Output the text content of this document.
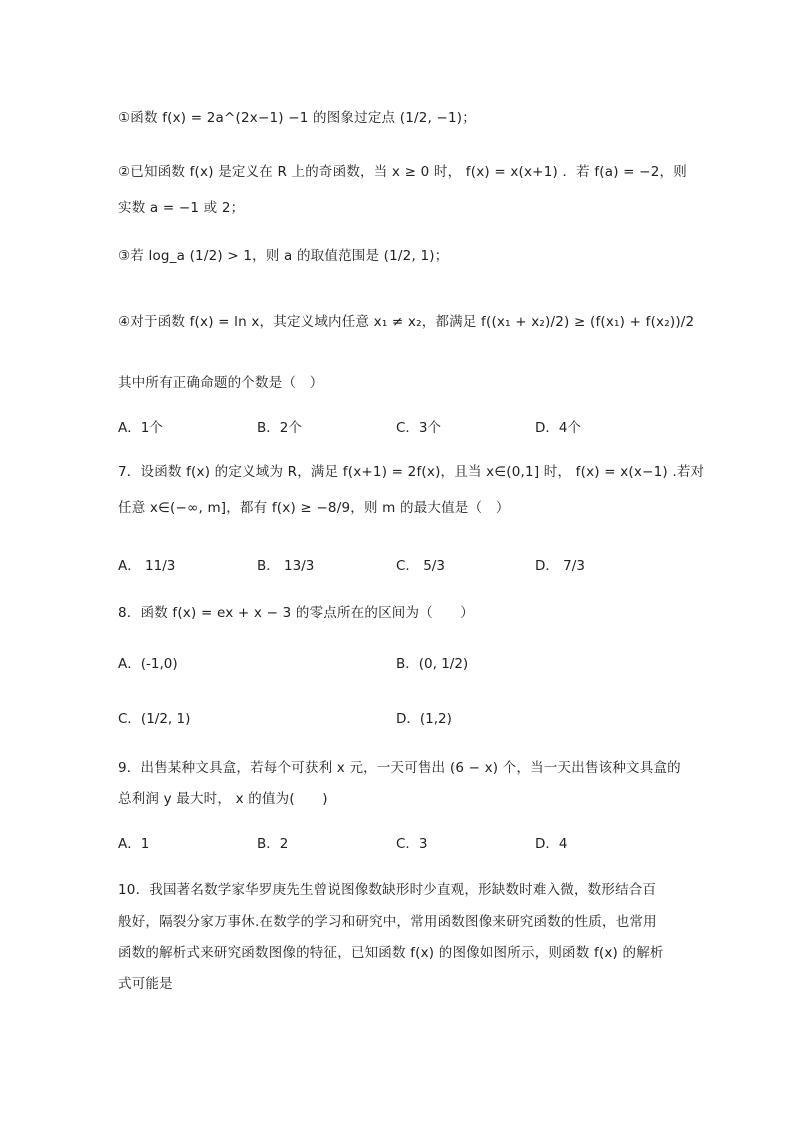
①函数 f(x) = 2a^(2x−1) −1 的图象过定点 (1/2, −1)；
②已知函数 f(x) 是定义在 R 上的奇函数，当 x ≥ 0 时， f(x) = x(x+1) ．若 f(a) = −2，则
实数 a = −1 或 2；
③若 log_a (1/2) > 1，则 a 的取值范围是 (1/2, 1)；
④对于函数 f(x) = ln x，其定义域内任意 x₁ ≠ x₂，都满足 f((x₁ + x₂)/2) ≥ (f(x₁) + f(x₂))/2
其中所有正确命题的个数是（　）
A．1个	B．2个	C．3个	D．4个
7．设函数 f(x) 的定义域为 R，满足 f(x+1) = 2f(x)，且当 x∈(0,1] 时， f(x) = x(x−1) .若对
任意 x∈(−∞, m]，都有 f(x) ≥ −8/9，则 m 的最大值是（　）
A． 11/3	B． 13/3	C． 5/3	D． 7/3
8．函数 f(x) = ex + x − 3 的零点所在的区间为（　　）
A．(-1,0)	B．(0, 1/2)
C．(1/2, 1)	D．(1,2)
9．出售某种文具盒，若每个可获利 x 元，一天可售出 (6 − x) 个，当一天出售该种文具盒的
总利润 y 最大时， x 的值为(　　)
A．1	B．2	C．3	D．4
10．我国著名数学家华罗庚先生曾说图像数缺形时少直观，形缺数时难入微，数形结合百
般好，隔裂分家万事休.在数学的学习和研究中，常用函数图像来研究函数的性质，也常用
函数的解析式来研究函数图像的特征，已知函数 f(x) 的图像如图所示，则函数 f(x) 的解析
式可能是
